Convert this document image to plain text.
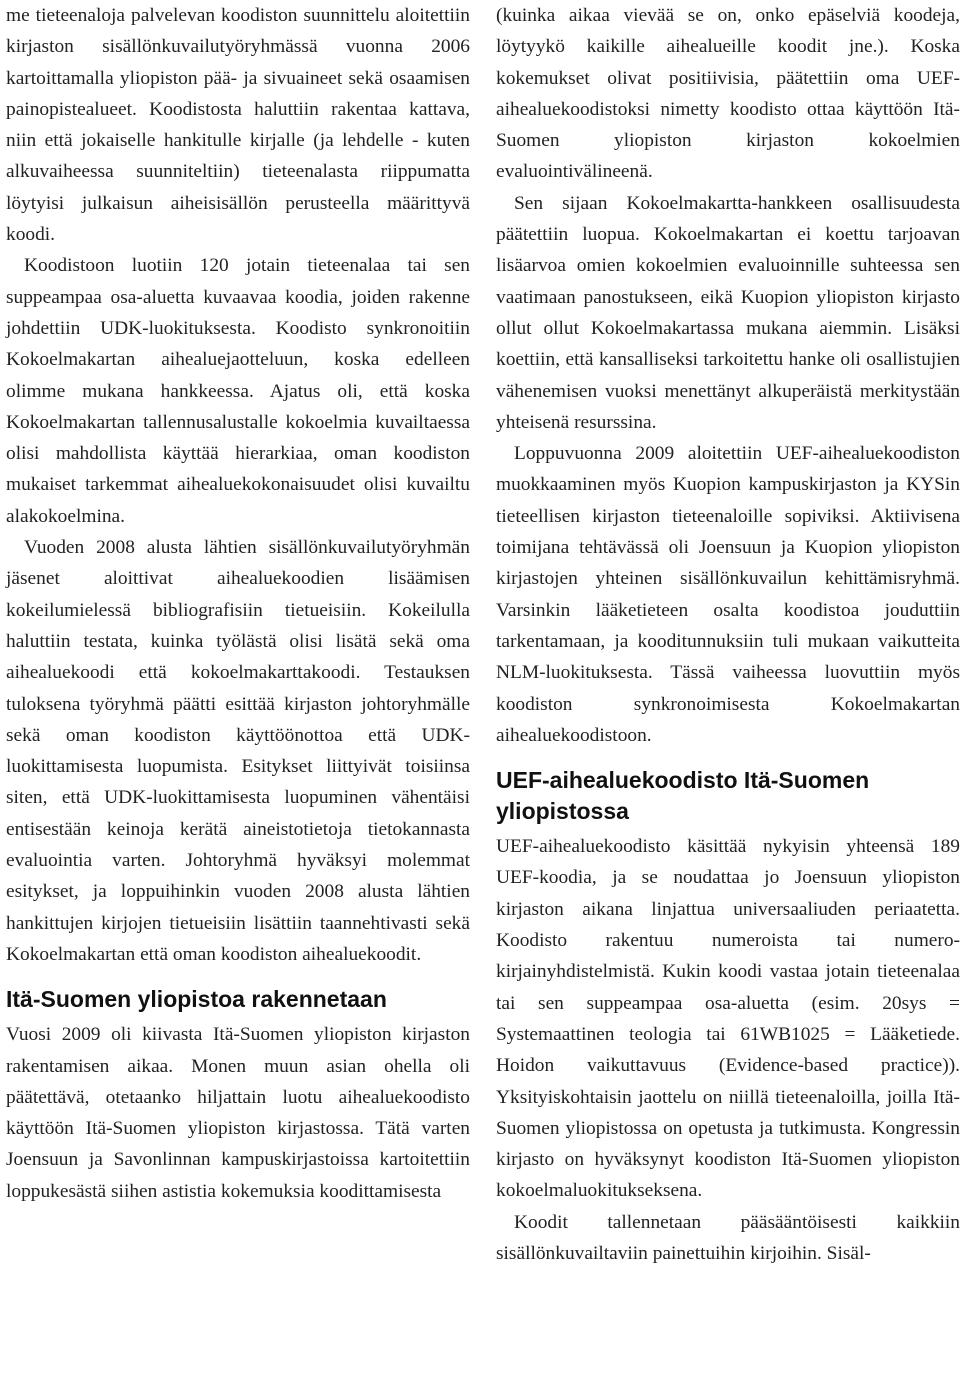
me tieteenaloja palvelevan koodiston suunnittelu aloitettiin kirjaston sisällönkuvailutyöryhmässä vuonna 2006 kartoittamalla yliopiston pää- ja sivuaineet sekä osaamisen painopistealueet. Koodistosta haluttiin rakentaa kattava, niin että jokaiselle hankitulle kirjalle (ja lehdelle - kuten alkuvaiheessa suunniteltiin) tieteenalasta riippumatta löytyisi julkaisun aiheisisällön perusteella määrittyvä koodi.

Koodistoon luotiin 120 jotain tieteenalaa tai sen suppeampaa osa-aluetta kuvaavaa koodia, joiden rakenne johdettiin UDK-luokituksesta. Koodisto synkronoitiin Kokoelmakartan aihealuejaotteluun, koska edelleen olimme mukana hankkeessa. Ajatus oli, että koska Kokoelmakartan tallennusalustalle kokoelmia kuvailtaessa olisi mahdollista käyttää hierarkiaa, oman koodiston mukaiset tarkemmat aihealuekokonaisuudet olisi kuvailtu alakokoelmina.

Vuoden 2008 alusta lähtien sisällönkuvailutyöryhmän jäsenet aloittivat aihealuekoodien lisäämisen kokeilumielessä bibliografisiin tietueisiin. Kokeilulla haluttiin testata, kuinka työlästä olisi lisätä sekä oma aihealuekoodi että kokoelmakarttakoodi. Testauksen tuloksena työryhmä päätti esittää kirjaston johtoryhmälle sekä oman koodiston käyttöönottoa että UDK-luokittamisesta luopumista. Esitykset liittyivät toisiinsa siten, että UDK-luokittamisesta luopuminen vähentäisi entisestään keinoja kerätä aineistotietoja tietokannasta evaluointia varten. Johtoryhmä hyväksyi molemmat esitykset, ja loppuihinkin vuoden 2008 alusta lähtien hankittujen kirjojen tietueisiin lisättiin taannehtivasti sekä Kokoelmakartan että oman koodiston aihealuekoodit.

Itä-Suomen yliopistoa rakennetaan

Vuosi 2009 oli kiivasta Itä-Suomen yliopiston kirjaston rakentamisen aikaa. Monen muun asian ohella oli päätettävä, otetaanko hiljattain luotu aihealuekoodisto käyttöön Itä-Suomen yliopiston kirjastossa. Tätä varten Joensuun ja Savonlinnan kampuskirjastoissa kartoitettiin loppukesästä siihen astistia kokemuksia koodittamisesta

(kuinka aikaa vievää se on, onko epäselviä koodeja, löytyykö kaikille aihealueille koodit jne.). Koska kokemukset olivat positiivisia, päätettiin oma UEF-aihealuekoodistoksi nimetty koodisto ottaa käyttöön Itä-Suomen yliopiston kirjaston kokoelmien evaluointivälineenä.

Sen sijaan Kokoelmakartta-hankkeen osallisuudesta päätettiin luopua. Kokoelmakartan ei koettu tarjoavan lisäarvoa omien kokoelmien evaluoinnille suhteessa sen vaatimaan panostukseen, eikä Kuopion yliopiston kirjasto ollut ollut Kokoelmakartassa mukana aiemmin. Lisäksi koettiin, että kansalliseksi tarkoitettu hanke oli osallistujien vähenemisen vuoksi menettänyt alkuperäistä merkitystään yhteisenä resurssina.

Loppuvuonna 2009 aloitettiin UEF-aihealuekoodiston muokkaaminen myös Kuopion kampuskirjaston ja KYSin tieteellisen kirjaston tieteenaloille sopiviksi. Aktiivisena toimijana tehtävässä oli Joensuun ja Kuopion yliopiston kirjastojen yhteinen sisällönkuvailun kehittämisryhmä. Varsinkin lääketieteen osalta koodistoa jouduttiin tarkentamaan, ja kooditunnuksiin tuli mukaan vaikutteita NLM-luokituksesta. Tässä vaiheessa luovuttiin myös koodiston synkronoimisesta Kokoelmakartan aihealuekoodistoon.

UEF-aihealuekoodisto Itä-Suomen yliopistossa

UEF-aihealuekoodisto käsittää nykyisin yhteensä 189 UEF-koodia, ja se noudattaa jo Joensuun yliopiston kirjaston aikana linjattua universaaliuden periaatetta. Koodisto rakentuu numeroista tai numero-kirjainyhdistelmistä. Kukin koodi vastaa jotain tieteenalaa tai sen suppeampaa osa-aluetta (esim. 20sys = Systemaattinen teologia tai 61WB1025 = Lääketiede. Hoidon vaikuttavuus (Evidence-based practice)). Yksityiskohtaisin jaottelu on niillä tieteenaloilla, joilla Itä-Suomen yliopistossa on opetusta ja tutkimusta. Kongressin kirjasto on hyväksynyt koodiston Itä-Suomen yliopiston kokoelmaluokitukseksena.

Koodit tallennetaan pääsääntöisesti kaikkiin sisällönkuvailtaviin painettuihin kirjoihin. Sisäl-
